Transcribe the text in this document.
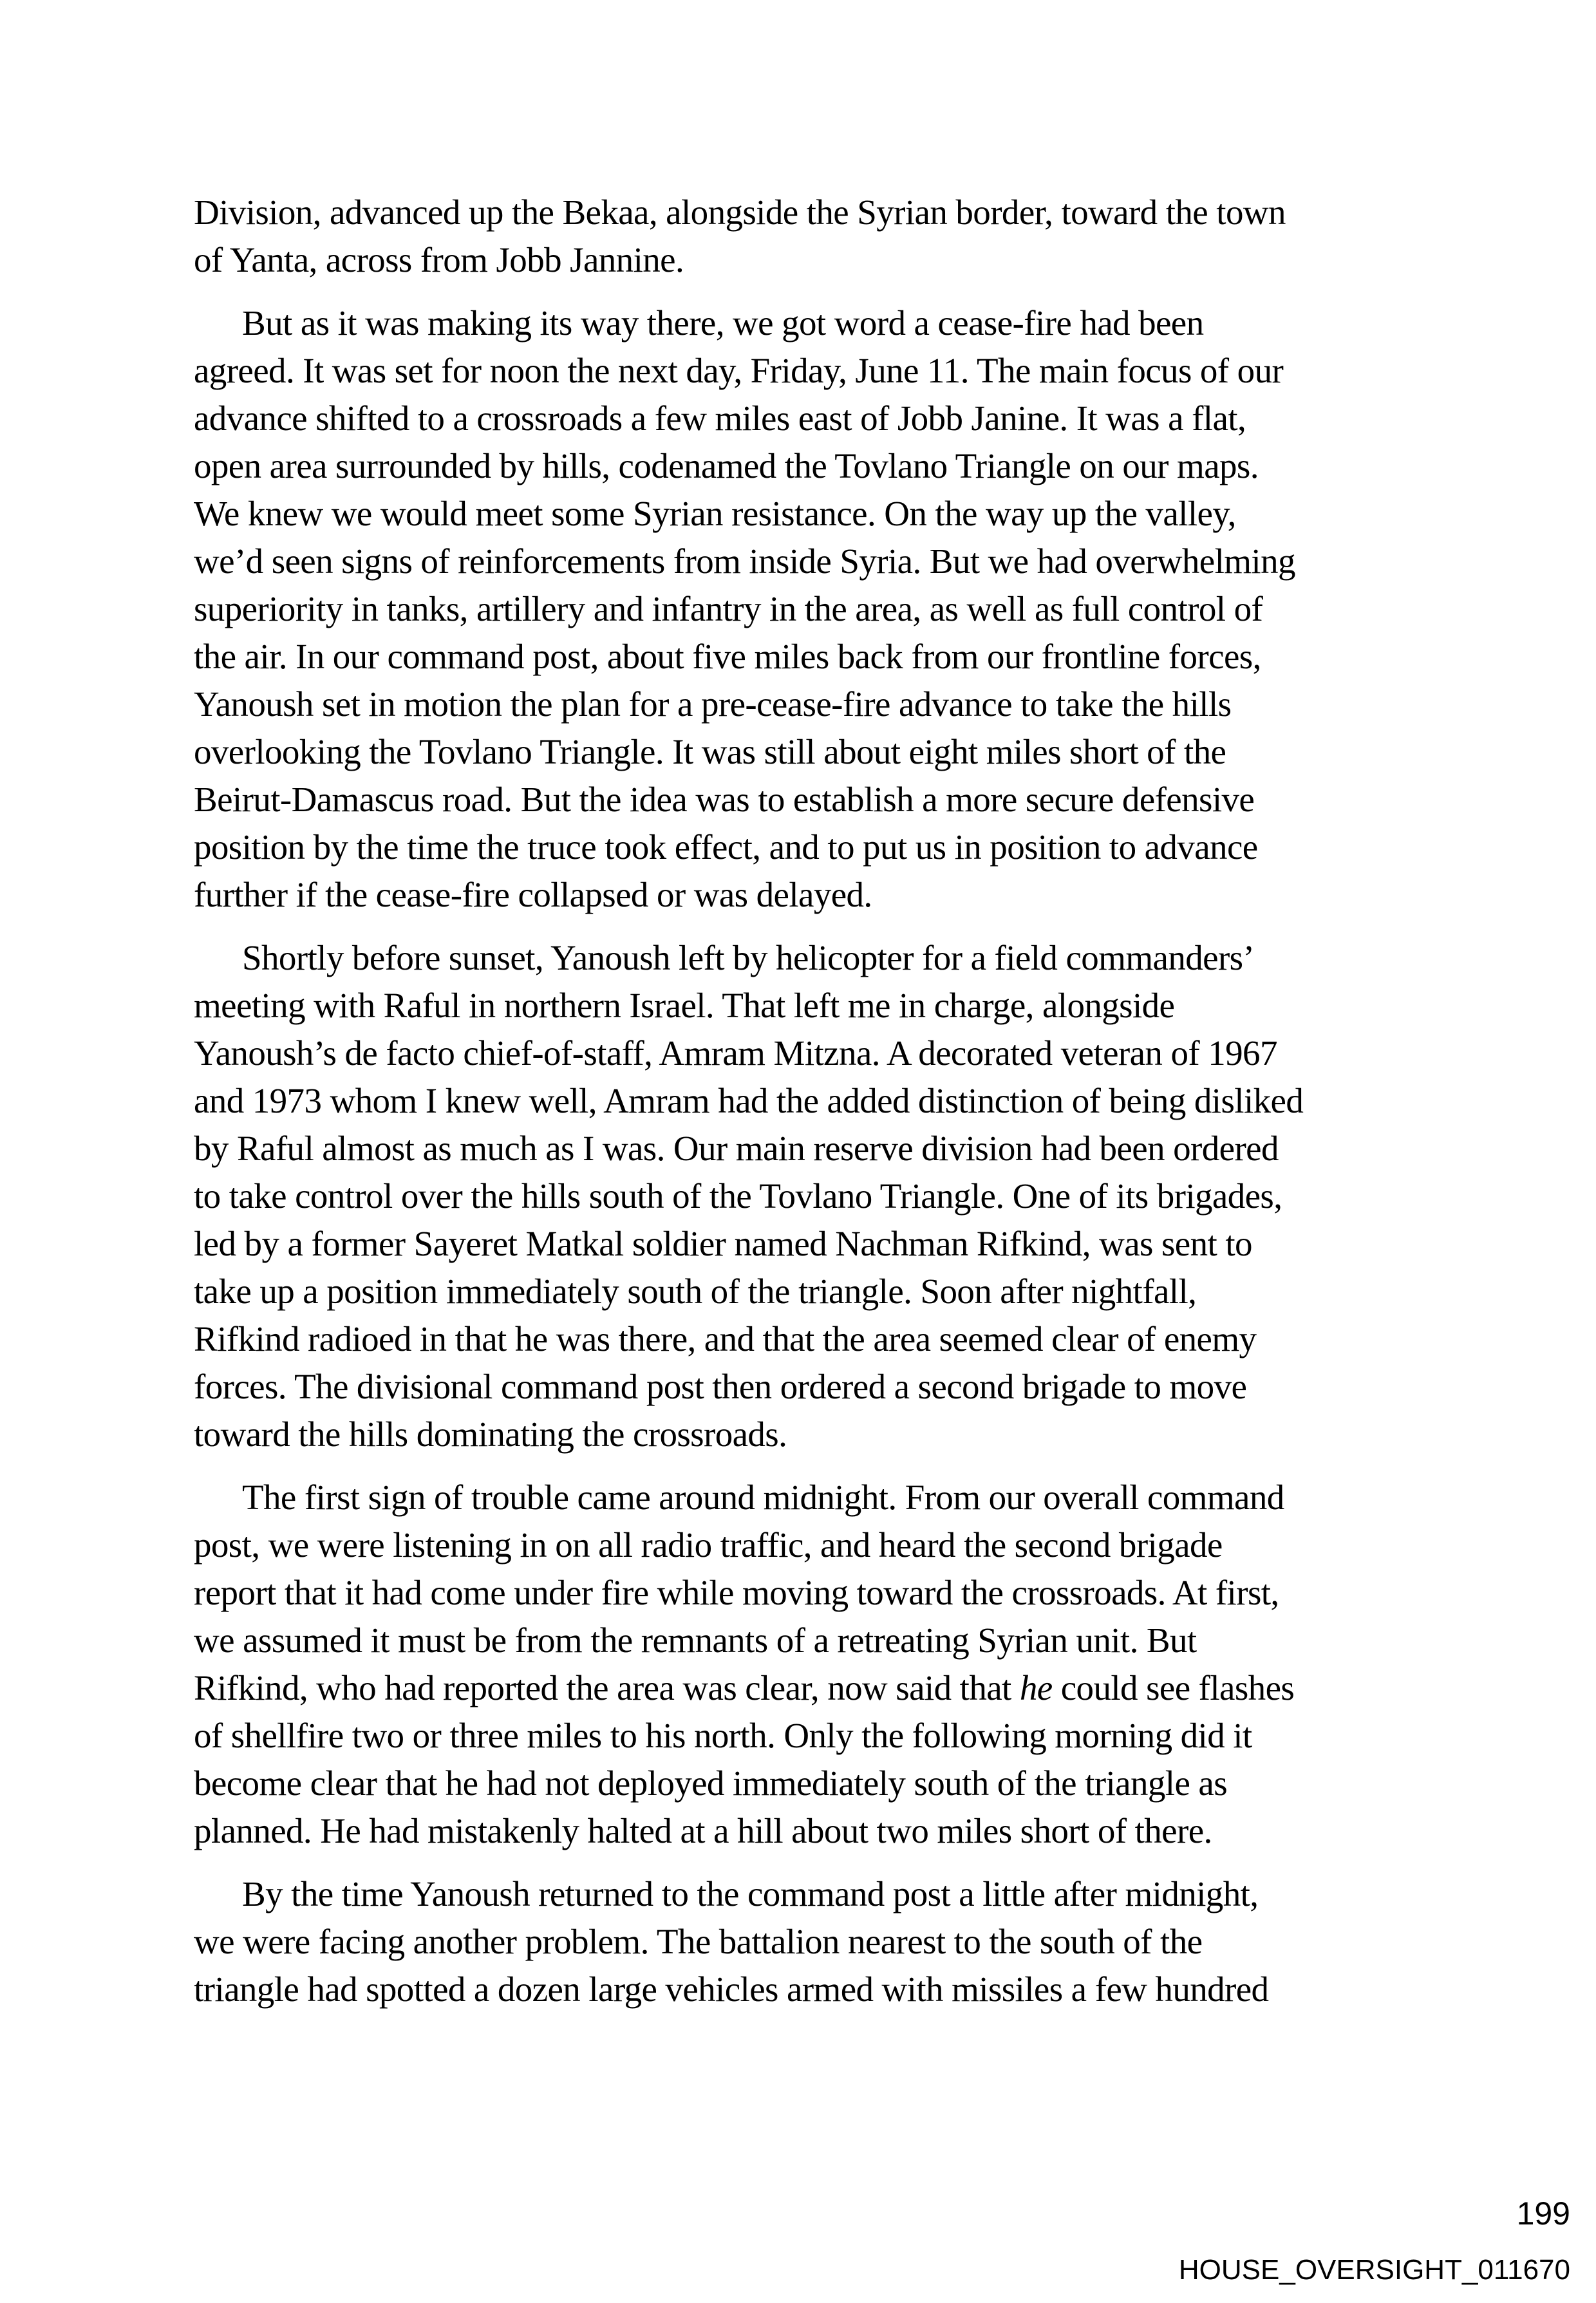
Division, advanced up the Bekaa, alongside the Syrian border, toward the town
of Yanta, across from Jobb Jannine.

But as it was making its way there, we got word a cease-fire had been
agreed. It was set for noon the next day, Friday, June 11. The main focus of our
advance shifted to a crossroads a few miles east of Jobb Janine. It was a flat,
open area surrounded by hills, codenamed the Tovlano Triangle on our maps.
We knew we would meet some Syrian resistance. On the way up the valley,
we’d seen signs of reinforcements from inside Syria. But we had overwhelming
superiority in tanks, artillery and infantry in the area, as well as full control of
the air. In our command post, about five miles back from our frontline forces,
Yanoush set in motion the plan for a pre-cease-fire advance to take the hills
overlooking the Tovlano Triangle. It was still about eight miles short of the
Beirut-Damascus road. But the idea was to establish a more secure defensive
position by the time the truce took effect, and to put us in position to advance
further if the cease-fire collapsed or was delayed.

Shortly before sunset, Yanoush left by helicopter for a field commanders’
meeting with Raful in northern Israel. That left me in charge, alongside
Yanoush’s de facto chief-of-staff, Amram Mitzna. A decorated veteran of 1967
and 1973 whom I knew well, Amram had the added distinction of being disliked
by Raful almost as much as I was. Our main reserve division had been ordered
to take control over the hills south of the Tovlano Triangle. One of its brigades,
led by a former Sayeret Matkal soldier named Nachman Rifkind, was sent to
take up a position immediately south of the triangle. Soon after nightfall,
Rifkind radioed in that he was there, and that the area seemed clear of enemy
forces. The divisional command post then ordered a second brigade to move
toward the hills dominating the crossroads.

The first sign of trouble came around midnight. From our overall command
post, we were listening in on all radio traffic, and heard the second brigade
report that it had come under fire while moving toward the crossroads. At first,
we assumed it must be from the remnants of a retreating Syrian unit. But
Rifkind, who had reported the area was clear, now said that he could see flashes
of shellfire two or three miles to his north. Only the following morning did it
become clear that he had not deployed immediately south of the triangle as
planned. He had mistakenly halted at a hill about two miles short of there.

By the time Yanoush returned to the command post a little after midnight,
we were facing another problem. The battalion nearest to the south of the
triangle had spotted a dozen large vehicles armed with missiles a few hundred

199
HOUSE_OVERSIGHT_011670
